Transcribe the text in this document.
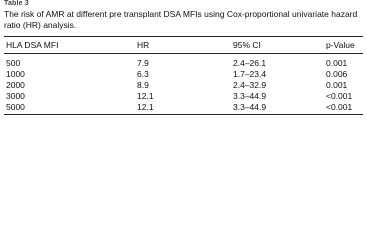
Table 3
The risk of AMR at different pre transplant DSA MFIs using Cox-proportional univariate hazard ratio (HR) analysis.
HLA DSA MFI	HR	95% CI	p-Value
500	7.9	2.4–26.1	0.001
1000	6.3	1.7–23.4	0.006
2000	8.9	2.4–32.9	0.001
3000	12.1	3.3–44.9	<0.001
5000	12.1	3.3–44.9	<0.001
